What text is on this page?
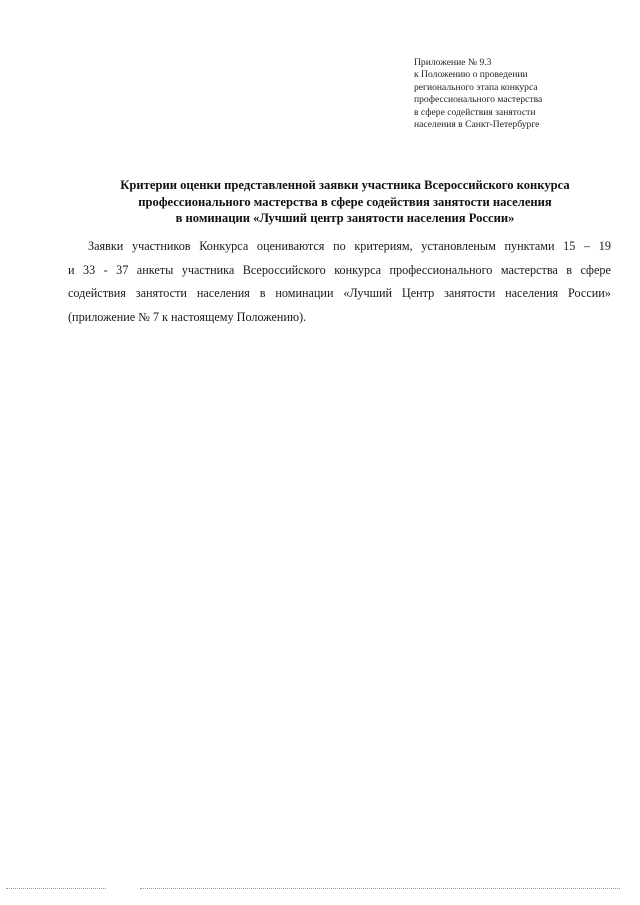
Приложение № 9.3
к Положению о проведении
регионального этапа конкурса
профессионального мастерства
в сфере содействия занятости
населения в Санкт-Петербурге
Критерии оценки представленной заявки участника Всероссийского конкурса
профессионального мастерства в сфере содействия занятости населения
в номинации «Лучший центр занятости населения России»
Заявки участников Конкурса оцениваются по критериям, установленым пунктами 15 – 19
и 33 - 37 анкеты участника Всероссийского конкурса профессионального мастерства в сфере
содействия занятости населения в номинации «Лучший Центр занятости населения России»
(приложение № 7 к настоящему Положению).
